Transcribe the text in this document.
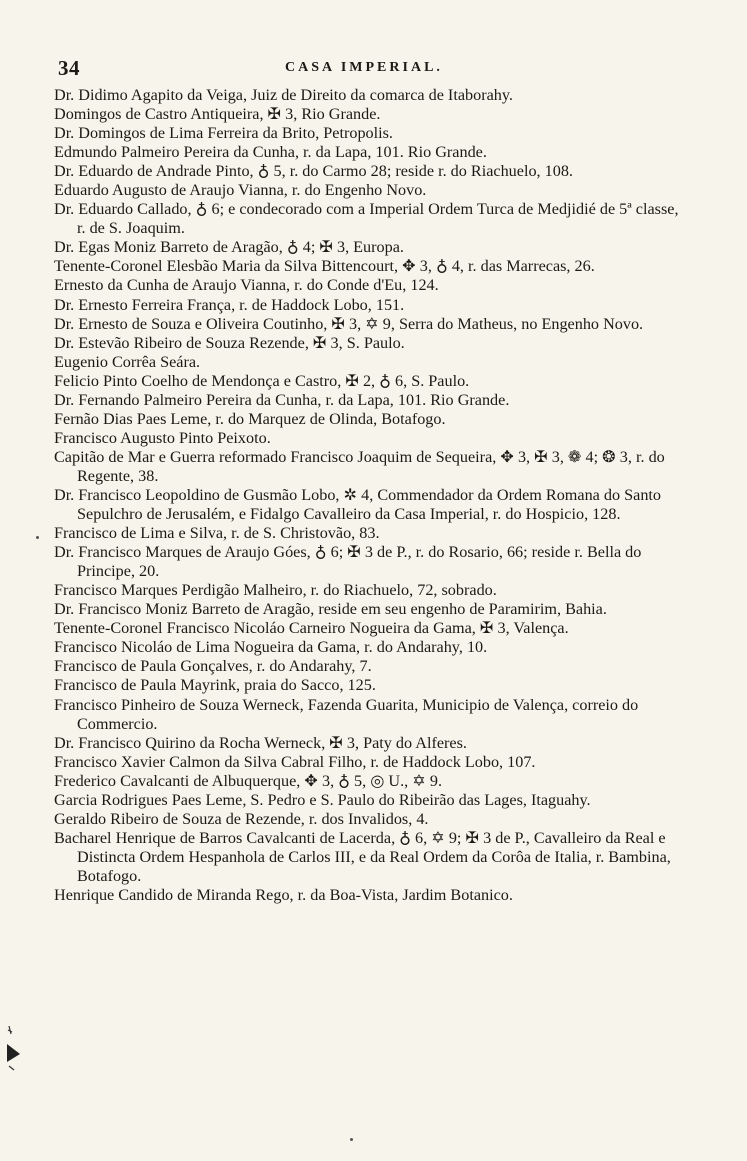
34	CASA IMPERIAL.
Dr. Didimo Agapito da Veiga, Juiz de Direito da comarca de Itaborahy.
Domingos de Castro Antiqueira, ✠ 3, Rio Grande.
Dr. Domingos de Lima Ferreira da Brito, Petropolis.
Edmundo Palmeiro Pereira da Cunha, r. da Lapa, 101. Rio Grande.
Dr. Eduardo de Andrade Pinto, ♁ 5, r. do Carmo 28; reside r. do Riachuelo, 108.
Eduardo Augusto de Araujo Vianna, r. do Engenho Novo.
Dr. Eduardo Callado, ♁ 6; e condecorado com a Imperial Ordem Turca de Medjidié de 5ª classe, r. de S. Joaquim.
Dr. Egas Moniz Barreto de Aragão, ♁ 4; ✠ 3, Europa.
Tenente-Coronel Elesbão Maria da Silva Bittencourt, ✥ 3, ♁ 4, r. das Marrecas, 26.
Ernesto da Cunha de Araujo Vianna, r. do Conde d'Eu, 124.
Dr. Ernesto Ferreira França, r. de Haddock Lobo, 151.
Dr. Ernesto de Souza e Oliveira Coutinho, ✠ 3, ✡ 9, Serra do Matheus, no Engenho Novo.
Dr. Estevão Ribeiro de Souza Rezende, ✠ 3, S. Paulo.
Eugenio Corrêa Seára.
Felicio Pinto Coelho de Mendonça e Castro, ✠ 2, ♁ 6, S. Paulo.
Dr. Fernando Palmeiro Pereira da Cunha, r. da Lapa, 101. Rio Grande.
Fernão Dias Paes Leme, r. do Marquez de Olinda, Botafogo.
Francisco Augusto Pinto Peixoto.
Capitão de Mar e Guerra reformado Francisco Joaquim de Sequeira, ✥ 3, ✠ 3, ❁ 4; ❂ 3, r. do Regente, 38.
Dr. Francisco Leopoldino de Gusmão Lobo, ✲ 4, Commendador da Ordem Romana do Santo Sepulchro de Jerusalém, e Fidalgo Cavalleiro da Casa Imperial, r. do Hospicio, 128.
Francisco de Lima e Silva, r. de S. Christovão, 83.
Dr. Francisco Marques de Araujo Góes, ♁ 6; ✠ 3 de P., r. do Rosario, 66; reside r. Bella do Principe, 20.
Francisco Marques Perdigão Malheiro, r. do Riachuelo, 72, sobrado.
Dr. Francisco Moniz Barreto de Aragão, reside em seu engenho de Paramirim, Bahia.
Tenente-Coronel Francisco Nicoláo Carneiro Nogueira da Gama, ✠ 3, Valença.
Francisco Nicoláo de Lima Nogueira da Gama, r. do Andarahy, 10.
Francisco de Paula Gonçalves, r. do Andarahy, 7.
Francisco de Paula Mayrink, praia do Sacco, 125.
Francisco Pinheiro de Souza Werneck, Fazenda Guarita, Municipio de Valença, correio do Commercio.
Dr. Francisco Quirino da Rocha Werneck, ✠ 3, Paty do Alferes.
Francisco Xavier Calmon da Silva Cabral Filho, r. de Haddock Lobo, 107.
Frederico Cavalcanti de Albuquerque, ✥ 3, ♁ 5, ◎ U., ✡ 9.
Garcia Rodrigues Paes Leme, S. Pedro e S. Paulo do Ribeirão das Lages, Itaguahy.
Geraldo Ribeiro de Souza de Rezende, r. dos Invalidos, 4.
Bacharel Henrique de Barros Cavalcanti de Lacerda, ♁ 6, ✡ 9; ✠ 3 de P., Cavalleiro da Real e Distincta Ordem Hespanhola de Carlos III, e da Real Ordem da Corôa de Italia, r. Bambina, Botafogo.
Henrique Candido de Miranda Rego, r. da Boa-Vista, Jardim Botanico.
